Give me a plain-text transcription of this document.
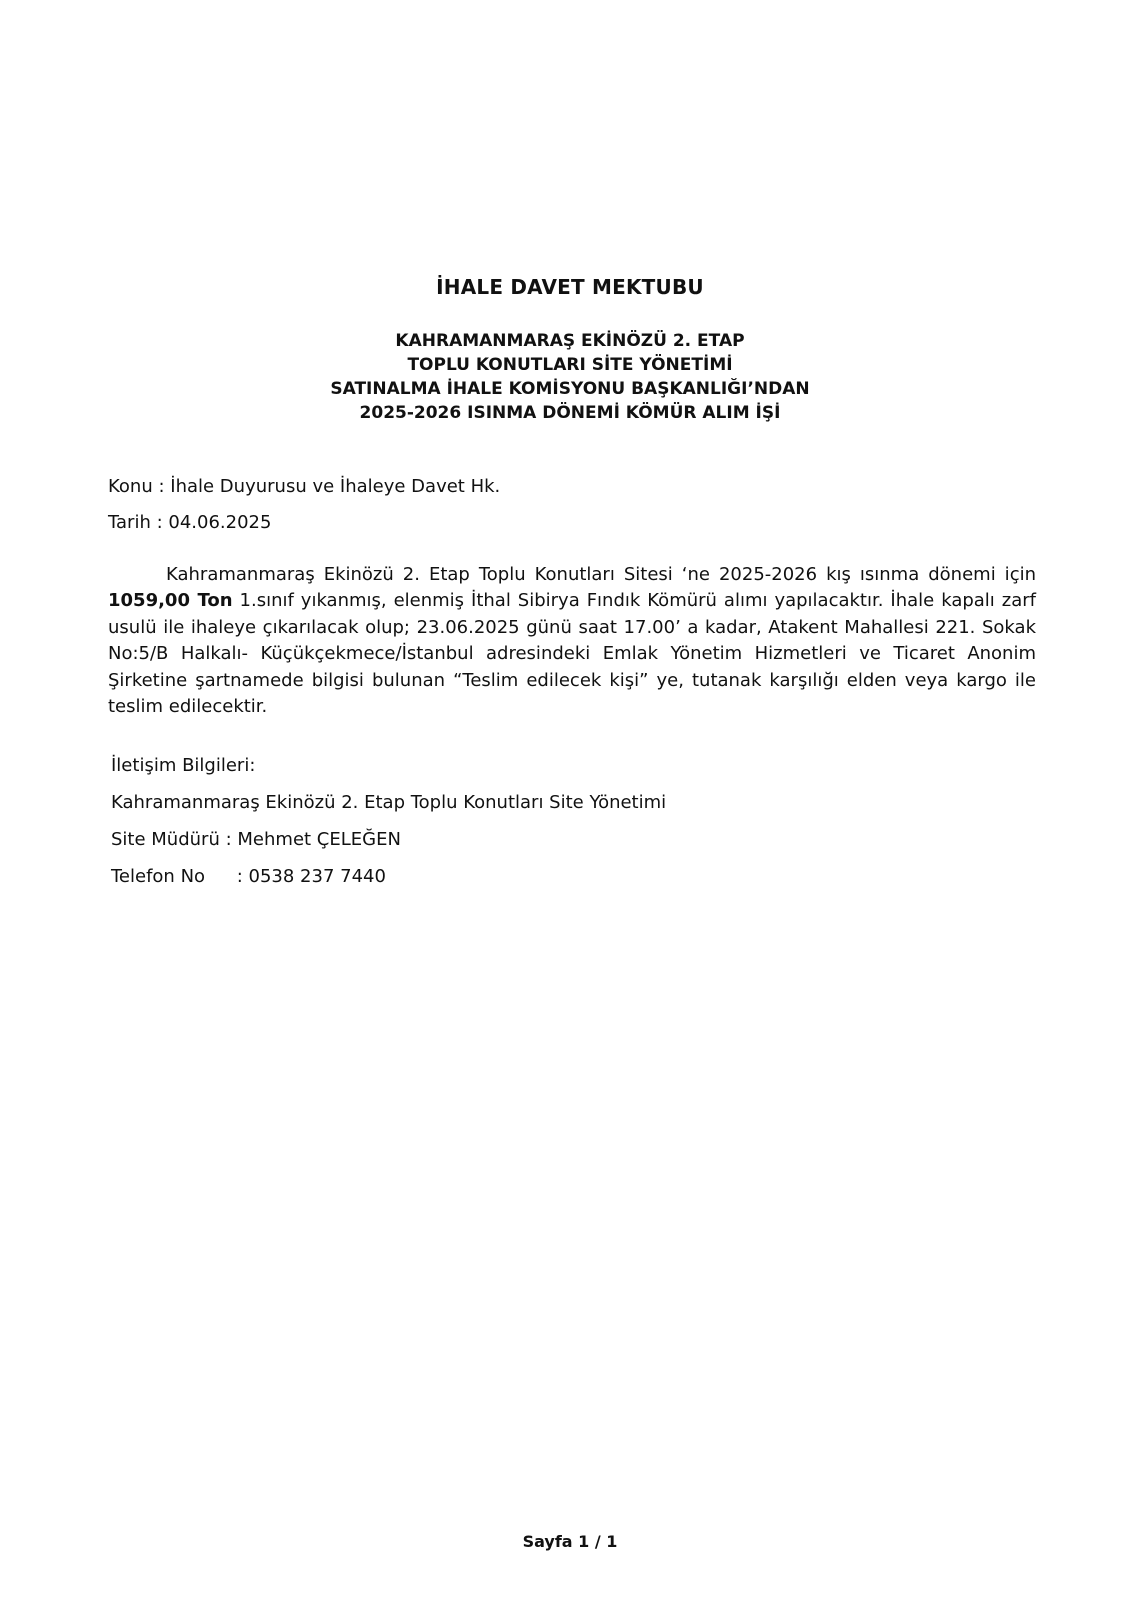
İHALE DAVET MEKTUBU
KAHRAMANMARAŞ EKİNÖZÜ 2. ETAP
TOPLU KONUTLARI SİTE YÖNETİMİ
SATINALMA İHALE KOMİSYONU BAŞKANLIĞI’NDAN
2025-2026 ISINMA DÖNEMİ KÖMÜR ALIM İŞİ
Konu : İhale Duyurusu ve İhaleye Davet Hk.
Tarih : 04.06.2025
Kahramanmaraş Ekinözü 2. Etap Toplu Konutları Sitesi ‘ne 2025-2026 kış ısınma dönemi için 1059,00 Ton 1.sınıf yıkanmış, elenmiş İthal Sibirya Fındık Kömürü alımı yapılacaktır. İhale kapalı zarf usulü ile ihaleye çıkarılacak olup; 23.06.2025 günü saat 17.00’ a kadar, Atakent Mahallesi 221. Sokak No:5/B Halkalı- Küçükçekmece/İstanbul adresindeki Emlak Yönetim Hizmetleri ve Ticaret Anonim Şirketine şartnamede bilgisi bulunan “Teslim edilecek kişi” ye, tutanak karşılığı elden veya kargo ile teslim edilecektir.
İletişim Bilgileri:
Kahramanmaraş Ekinözü 2. Etap Toplu Konutları Site Yönetimi
Site Müdürü : Mehmet ÇELEĞEN
Telefon No : 0538 237 7440
Sayfa 1 / 1
